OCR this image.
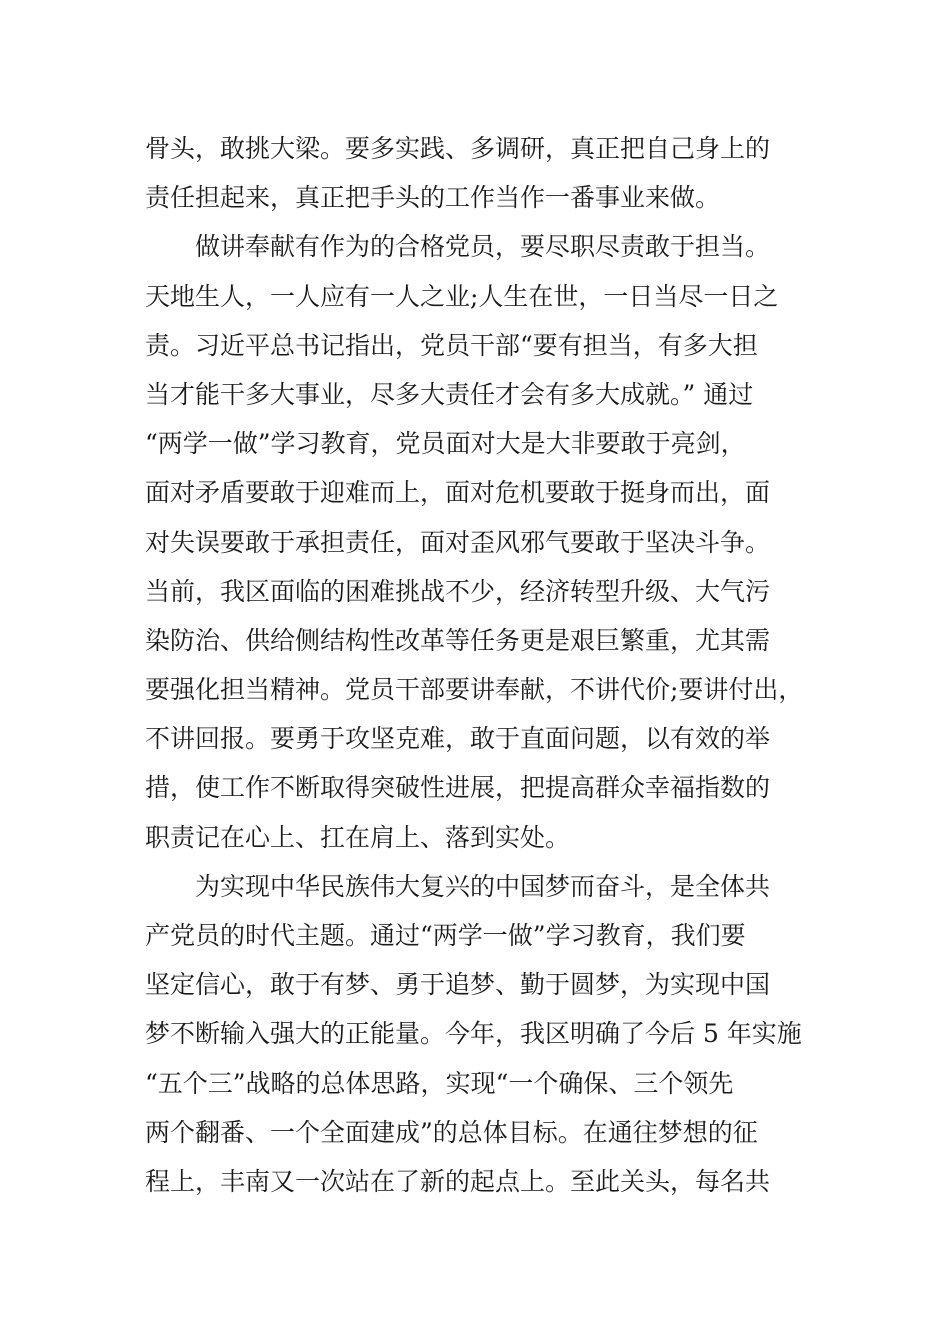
骨头，敢挑大梁。要多实践、多调研，真正把自己身上的
责任担起来，真正把手头的工作当作一番事业来做。
　　做讲奉献有作为的合格党员，要尽职尽责敢于担当。
天地生人，一人应有一人之业;人生在世，一日当尽一日之
责。习近平总书记指出，党员干部“要有担当，有多大担
当才能干多大事业，尽多大责任才会有多大成就。” 通过
“两学一做”学习教育，党员面对大是大非要敢于亮剑，
面对矛盾要敢于迎难而上，面对危机要敢于挺身而出，面
对失误要敢于承担责任，面对歪风邪气要敢于坚决斗争。
当前，我区面临的困难挑战不少，经济转型升级、大气污
染防治、供给侧结构性改革等任务更是艰巨繁重，尤其需
要强化担当精神。党员干部要讲奉献，不讲代价;要讲付出，
不讲回报。要勇于攻坚克难，敢于直面问题，以有效的举
措，使工作不断取得突破性进展，把提高群众幸福指数的
职责记在心上、扛在肩上、落到实处。
　　为实现中华民族伟大复兴的中国梦而奋斗，是全体共
产党员的时代主题。通过“两学一做”学习教育，我们要
坚定信心，敢于有梦、勇于追梦、勤于圆梦，为实现中国
梦不断输入强大的正能量。今年，我区明确了今后 5 年实施
“五个三”战略的总体思路，实现“一个确保、三个领先
两个翻番、一个全面建成”的总体目标。在通往梦想的征
程上，丰南又一次站在了新的起点上。至此关头，每名共
